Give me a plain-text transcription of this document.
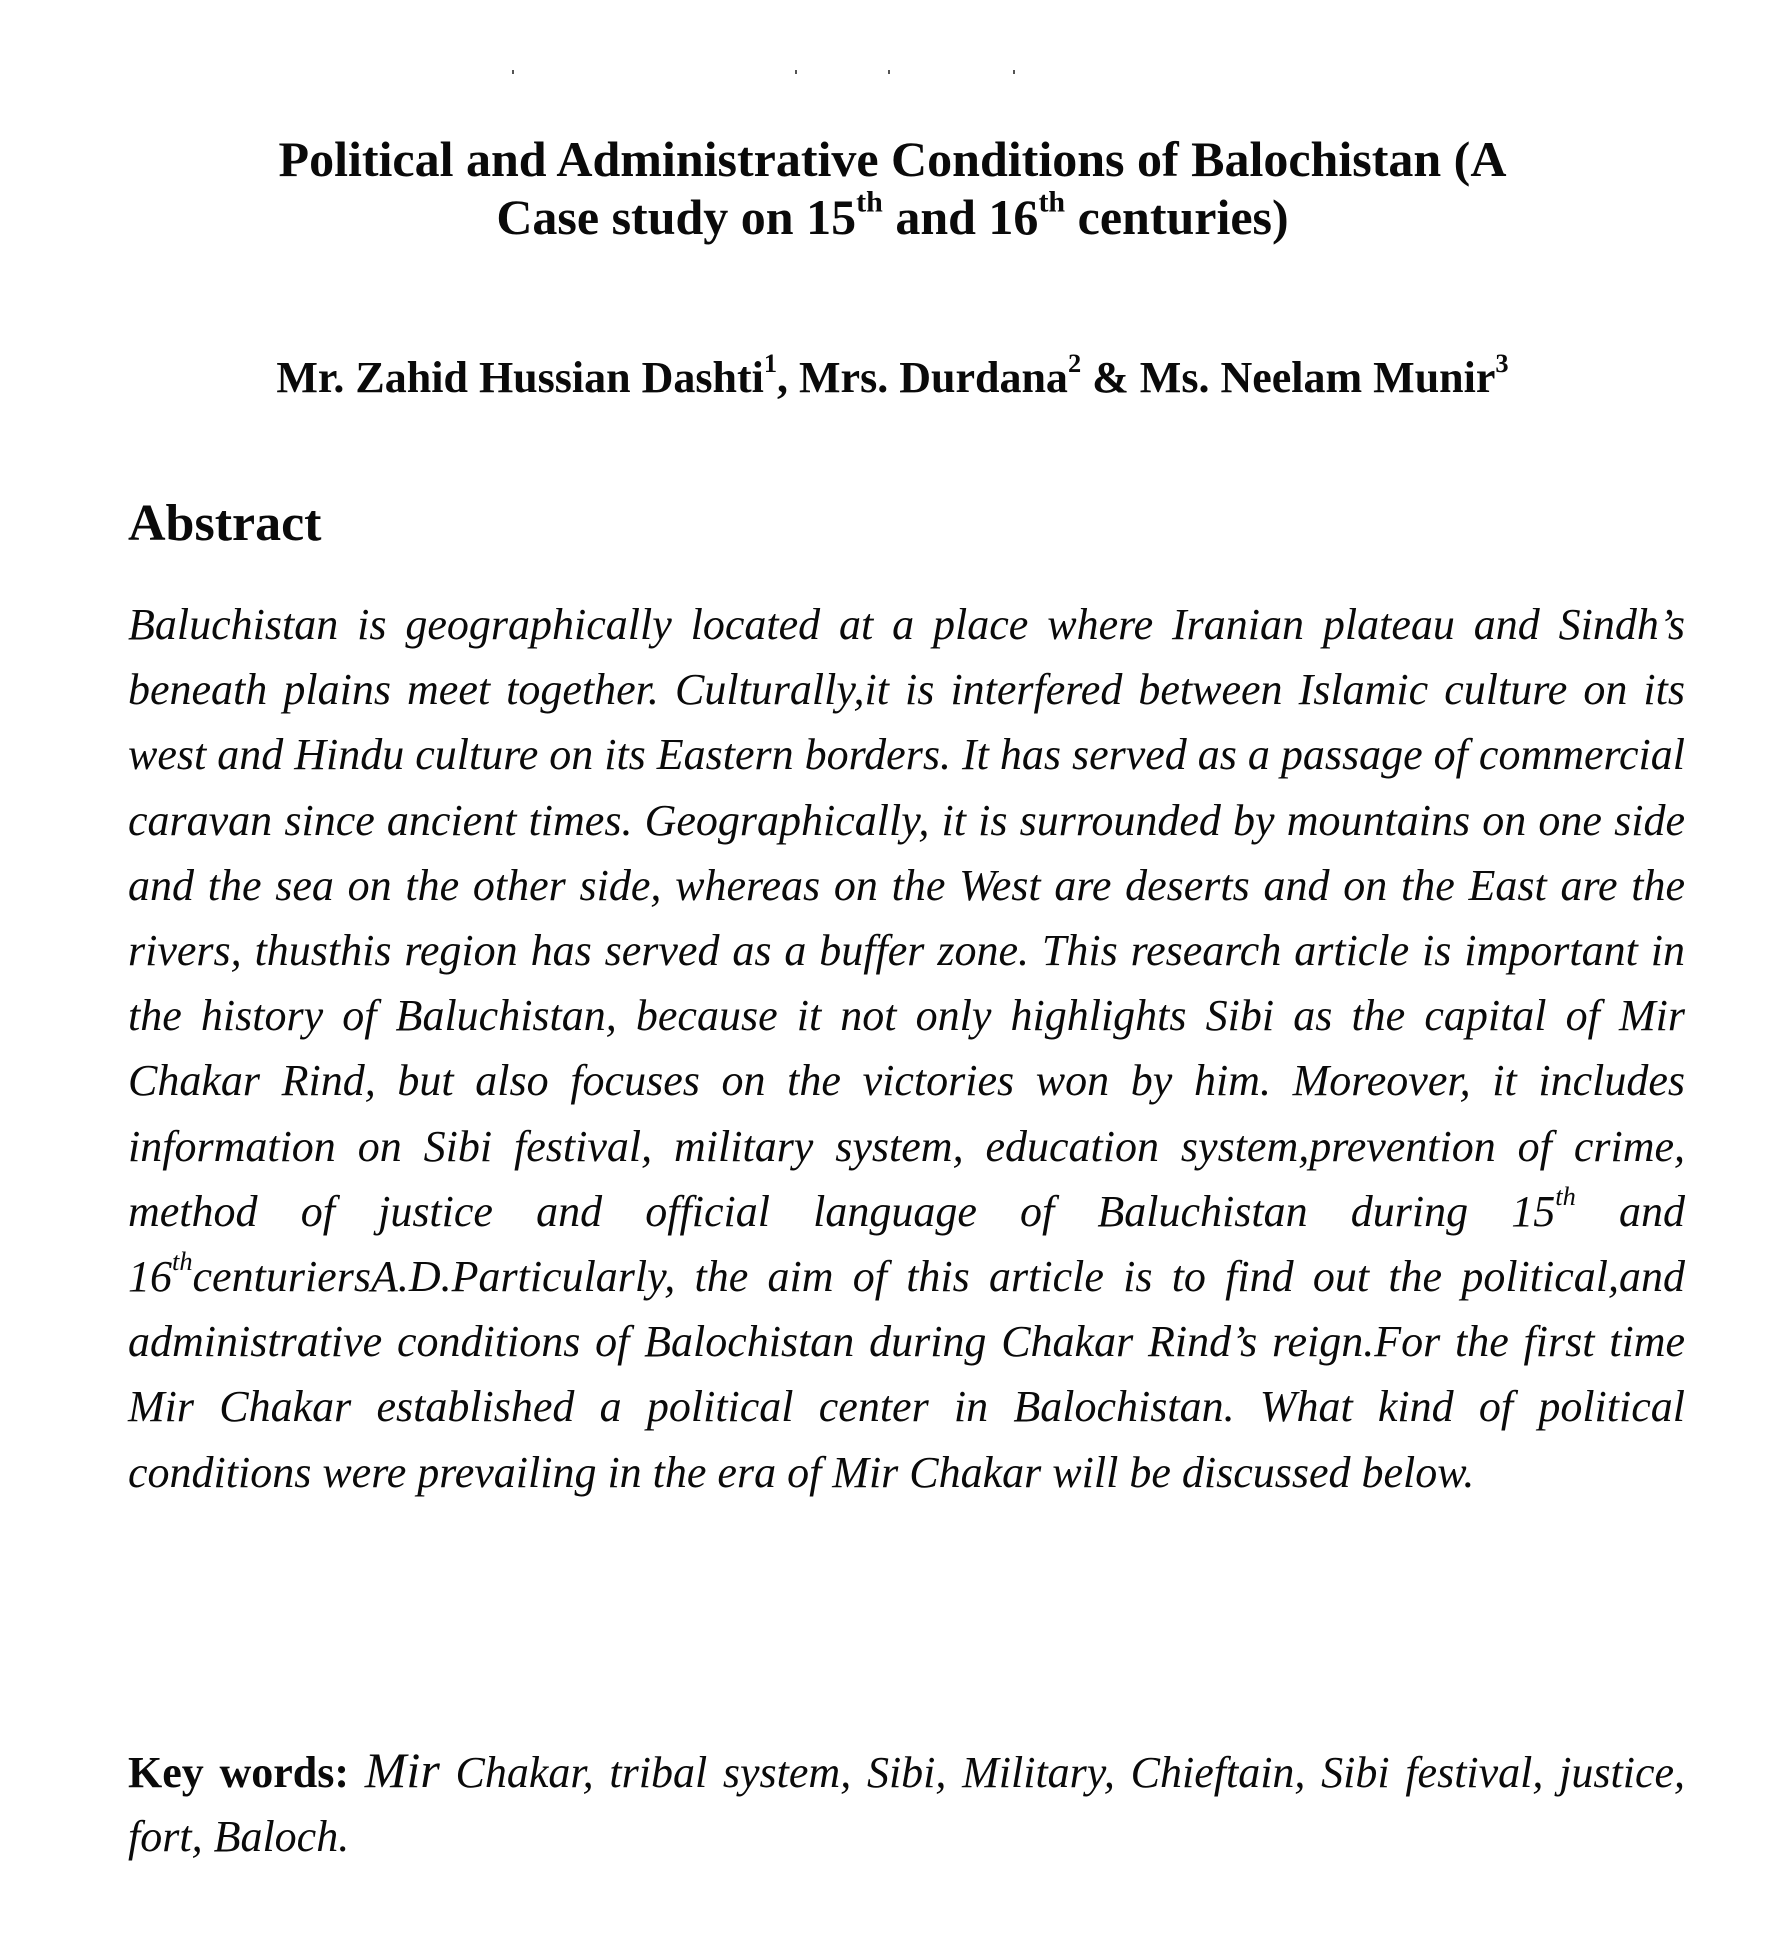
Political and Administrative Conditions of Balochistan (A
Case study on 15th and 16th centuries)
Mr. Zahid Hussian Dashti$^1$, Mrs. Durdana$^2$ & Ms. Neelam Munir$^3$
Abstract
Baluchistan is geographically located at a place where Iranian plateau and Sindh’s beneath plains meet together. Culturally,it is interfered between Islamic culture on its west and Hindu culture on its Eastern borders. It has served as a passage of commercial caravan since ancient times. Geographically, it is surrounded by mountains on one side and the sea on the other side, whereas on the West are deserts and on the East are the rivers, thusthis region has served as a buffer zone. This research article is important in the history of Baluchistan, because it not only highlights Sibi as the capital of Mir Chakar Rind, but also focuses on the victories won by him. Moreover, it includes information on Sibi festival, military system, education system,prevention of crime, method of justice and official language of Baluchistan during 15th and 16thcenturiersA.D.Particularly, the aim of this article is to find out the political,and administrative conditions of Balochistan during Chakar Rind’s reign.For the first time Mir Chakar established a political center in Balochistan. What kind of political conditions were prevailing in the era of Mir Chakar will be discussed below.
Key words: Mir Chakar, tribal system, Sibi, Military, Chieftain, Sibi festival, justice, fort, Baloch.
